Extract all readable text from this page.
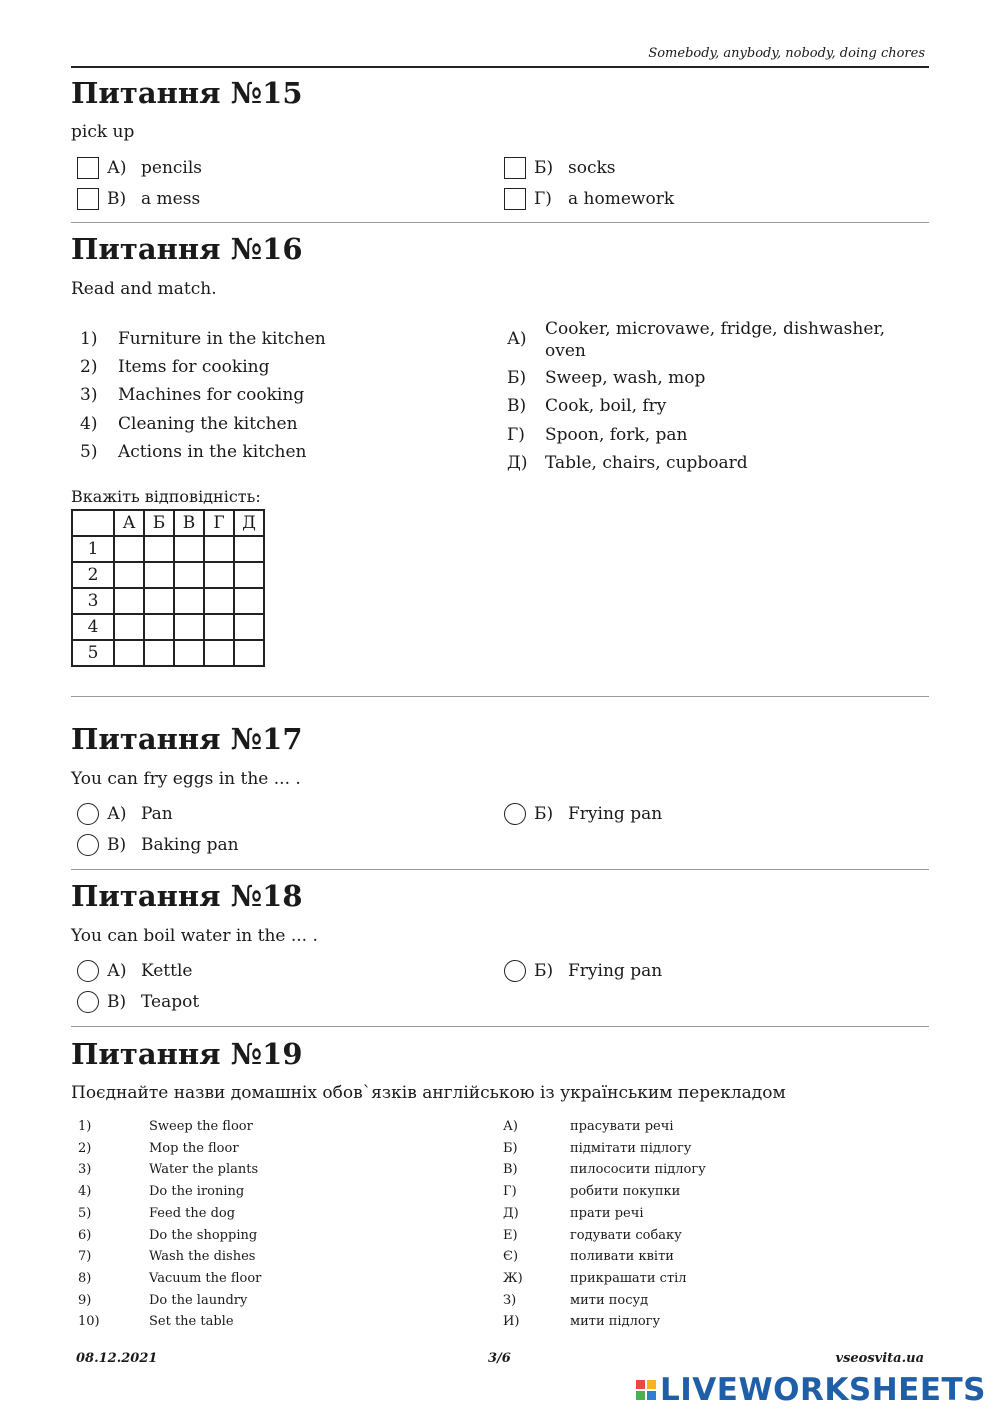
Somebody, anybody, nobody, doing chores
Питання №15
pick up
А) pencils	Б) socks
В) a mess	Г) a homework
Питання №16
Read and match.
1) Furniture in the kitchen
2) Items for cooking
3) Machines for cooking
4) Cleaning the kitchen
5) Actions in the kitchen
А) Cooker, microvawe, fridge, dishwasher, oven
Б) Sweep, wash, mop
В) Cook, boil, fry
Г) Spoon, fork, pan
Д) Table, chairs, cupboard
Вкажіть відповідність:
	А	Б	В	Г	Д
1					
2					
3					
4					
5					
Питання №17
You can fry eggs in the ... .
А) Pan	Б) Frying pan
В) Baking pan
Питання №18
You can boil water in the ... .
А) Kettle	Б) Frying pan
В) Teapot
Питання №19
Поєднайте назви домашніх обов`язків англійською із українським перекладом
1)	Sweep the floor
2)	Mop the floor
3)	Water the plants
4)	Do the ironing
5)	Feed the dog
6)	Do the shopping
7)	Wash the dishes
8)	Vacuum the floor
9)	Do the laundry
10)	Set the table
А)	прасувати речі
Б)	підмітати підлогу
В)	пилососити підлогу
Г)	робити покупки
Д)	прати речі
Е)	годувати собаку
Є)	поливати квіти
Ж)	прикрашати стіл
З)	мити посуд
И)	мити підлогу
08.12.2021	3/6	vseosvita.ua
LIVEWORKSHEETS
